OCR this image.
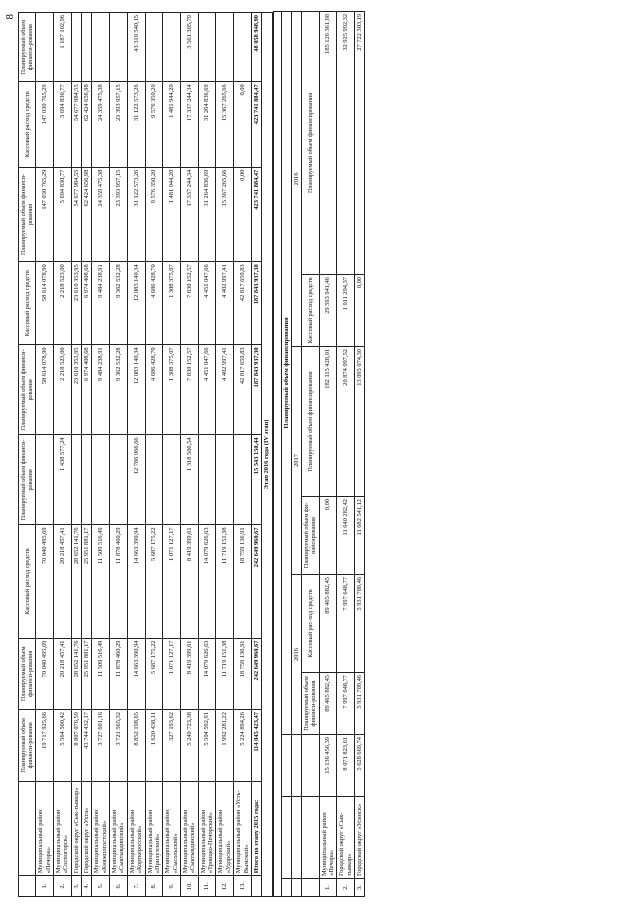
8
		Планируемый объем финанси-рования	Планируемый объем финанси-рования	Кассовый расход средств	Планируемый объем финанси-рования	Планируемый объем финанси-рования	Кассовый расход средств	Планируемый объем финанси-рования	Кассовый расход средств	Планируемый объем финанси-рования
1.	Муниципальный район «Печора»	19 717 925,66	70 040 495,69	70 040 495,69		58 614 078,90	58 614 078,90	147 030 765,29	147 030 765,29	
2.	Муниципальный район «Сосногорск»	5 564 500,42	20 218 457,41	20 218 457,41	1 438 577,24	2 218 523,00	2 218 523,00	5 694 830,77	5 694 830,77	1 187 102,96
3.	Городской округ «Сык-тывкар»	8 807 076,59	28 652 141,76	28 652 141,76		23 610 353,95	23 610 353,95	54 677 984,55	54 677 984,55	
4.	Городской округ «Ухта»	43 744 432,17	25 951 881,17	25 951 881,17		6 974 408,68	6 974 408,68	62 424 656,98	62 424 656,98	
5.	Муниципальный район «Княжпогостский»	3 727 601,16	11 509 516,49	11 509 516,49		9 484 238,91	9 484 238,91	24 359 475,38	24 359 475,38	
6.	Муниципальный район «Сыктывдинский»	3 721 565,32	11 878 460,29	11 878 460,29		9 362 532,28	9 362 532,28	23 393 957,15	23 393 957,15	
7.	Муниципальный район «Корткеросский»	8 852 198,65	14 663 390,94	14 663 390,94	12 786 066,66	12 083 140,34	12 083 140,34	31 122 573,26	31 122 573,26	43 310 540,15
8.	Муниципальный район «Прилузский»	1 620 438,11	5 687 175,22	5 687 175,22		4 686 428,70	4 686 428,70	9 576 350,20	9 576 350,20	
9.	Муниципальный район «Сысольский»	327 193,62	1 071 127,17	1 071 127,17		1 308 375,07	1 308 375,07	1 481 944,20	1 481 944,20	
10.	Муниципальный район «Сыктывдинский»	5 240 723,38	8 419 399,61	8 419 399,61	1 318 506,54	7 830 152,57	7 830 152,57	17 337 244,34	17 337 244,34	3 561 305,79
11.	Муниципальный район «Троицко-Печорский»	5 504 592,91	14 079 626,63	14 079 626,63		4 451 047,66	4 451 047,66	31 264 836,69	31 264 836,69	
12.	Муниципальный район «Удорский»	1 992 281,22	11 719 151,38	11 719 151,38		4 402 997,41	4 402 997,41	15 367 265,66	15 367 265,66	
13.	Муниципальный район «Усть-Вымский»	5 224 894,26	18 759 136,91	18 759 136,91		42 817 659,83	42 817 659,83	0,00	0,00	
	Итого по этапу 2015 года:	114 045 423,47	242 649 960,67	242 649 960,67	15 543 150,44	187 843 937,30	187 843 937,30	423 741 884,47	423 741 884,47	48 058 948,90
Этап 2016 года (IV этап)										

			Планируемый объем финансирования					
			2016		2017		2016	
			Планируемый объем финанси-рования	Кассовый рас-ход средств	Планируемый объем фи-нансирования	Планируемый объем финансирования	Кассовый расход средств	Планируемый объем финансирования
1.	Муниципальный район «Печора»	15 136 456,39	89 465 882,45	89 465 882,45	0,00	182 115 428,01	29 593 941,46	185 126 361,68
2.	Городской округ «Сык-тывкар»	8 071 823,61	7 997 648,77	7 997 648,77	11 640 282,42	20 874 097,52	1 011 294,37	32 925 992,32
3.	Городской округ «Усинск»	5 628 669,74	5 931 709,46	5 931 709,46	11 682 541,12	13 095 074,30	0,00	27 722 303,19
